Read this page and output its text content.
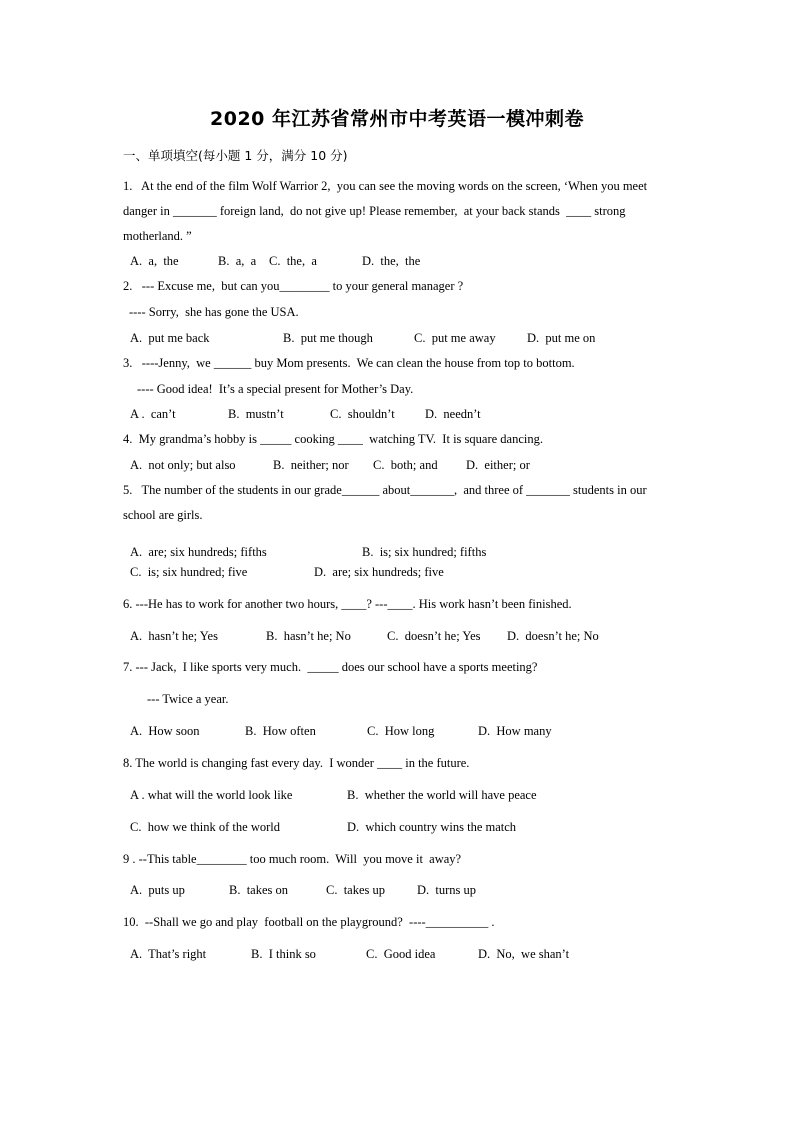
2020 年江苏省常州市中考英语一模冲刺卷
一、单项填空(每小题 1 分，满分 10 分)
1.   At the end of the film Wolf Warrior 2,  you can see the moving words on the screen, ‘When you meet
danger in _______ foreign land,  do not give up! Please remember,  at your back stands  ____ strong
motherland. ”
A.  a,  the	B.  a,  a C.  the,  a	D.  the,  the
2.   --- Excuse me,  but can you________ to your general manager ?
---- Sorry,  she has gone the USA.
A.  put me back	B.  put me though	C.  put me away	D.  put me on
3.   ----Jenny,  we ______ buy Mom presents.  We can clean the house from top to bottom.
---- Good idea!  It’s a special present for Mother’s Day.
A .  can’t	B.  mustn’t	C.  shouldn’t D.  needn’t
4.  My grandma’s hobby is _____ cooking ____  watching TV.  It is square dancing.
A.  not only; but also	B.  neither; nor C.  both; and D.  either; or
5.   The number of the students in our grade______ about_______,  and three of _______ students in our
school are girls.
A.  are; six hundreds; fifths	B.  is; six hundred; fifths
C.  is; six hundred; five	D.  are; six hundreds; five
6. ---He has to work for another two hours, ____? ---____. His work hasn’t been finished.
A.  hasn’t he; Yes	B.  hasn’t he; No	C.  doesn’t he; Yes D.  doesn’t he; No
7. --- Jack,  I like sports very much.  _____ does our school have a sports meeting?
--- Twice a year.
A.  How soon	B.  How often	C.  How long	D.  How many
8. The world is changing fast every day.  I wonder ____ in the future.
A . what will the world look like	B.  whether the world will have peace
C.  how we think of the world	D.  which country wins the match
9 . --This table________ too much room.  Will  you move it  away?
A.  puts up	B.  takes on	C.  takes up	D.  turns up
10.  --Shall we go and play  football on the playground?  ----__________ .
A.  That’s right	B.  I think so	C.  Good idea	D.  No,  we shan’t
